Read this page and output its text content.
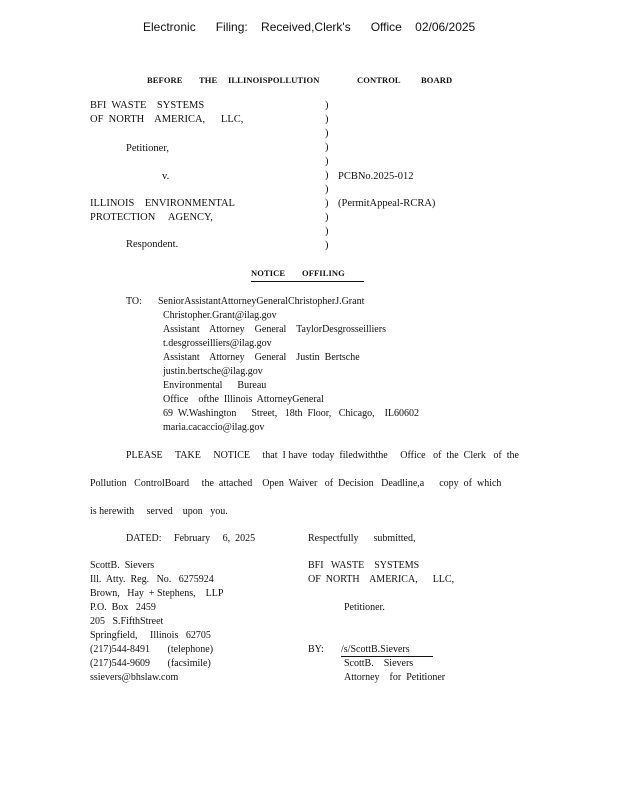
Electronic      Filing:    Received,Clerk's      Office    02/06/2025
BEFORE THE ILLINOISPOLLUTION	CONTROL BOARD
BFI  WASTE    SYSTEMS
OF  NORTH    AMERICA,      LLC,
Petitioner,
v.
ILLINOIS    ENVIRONMENTAL
PROTECTION     AGENCY,
Respondent.
)
)
)
)
)
)
)
)
)
)
)
PCBNo.2025-012
(PermitAppeal-RCRA)
NOTICE OFFILING
TO: SeniorAssistantAttorneyGeneralChristopherJ.Grant
Christopher.Grant@ilag.gov
Assistant    Attorney    General    TaylorDesgrosseilliers
t.desgrosseilliers@ilag.gov
Assistant    Attorney    General    Justin  Bertsche
justin.bertsche@ilag.gov
Environmental      Bureau
Office    ofthe  Illinois  AttorneyGeneral
69  W.Washington      Street,   18th  Floor,   Chicago,    IL60602
maria.cacaccio@ilag.gov
PLEASE     TAKE     NOTICE     that  I have  today  filedwiththe     Office   of  the  Clerk   of  the
Pollution   ControlBoard     the  attached    Open  Waiver   of  Decision   Deadline,a      copy  of  which
is herewith     served    upon   you.
DATED:     February     6,  2025	Respectfully      submitted,
ScottB.  Sievers
Ill.  Atty.  Reg.   No.   6275924
Brown,   Hay  + Stephens,    LLP
P.O.  Box   2459
205   S.FifthStreet
Springfield,     Illinois   62705
(217)544-8491       (telephone)
(217)544-9609       (facsimile)
ssievers@bhslaw.com
BFI   WASTE    SYSTEMS
OF  NORTH    AMERICA,      LLC,
Petitioner.
BY: /s/ScottB.Sievers
ScottB.    Sievers
Attorney    for  Petitioner
